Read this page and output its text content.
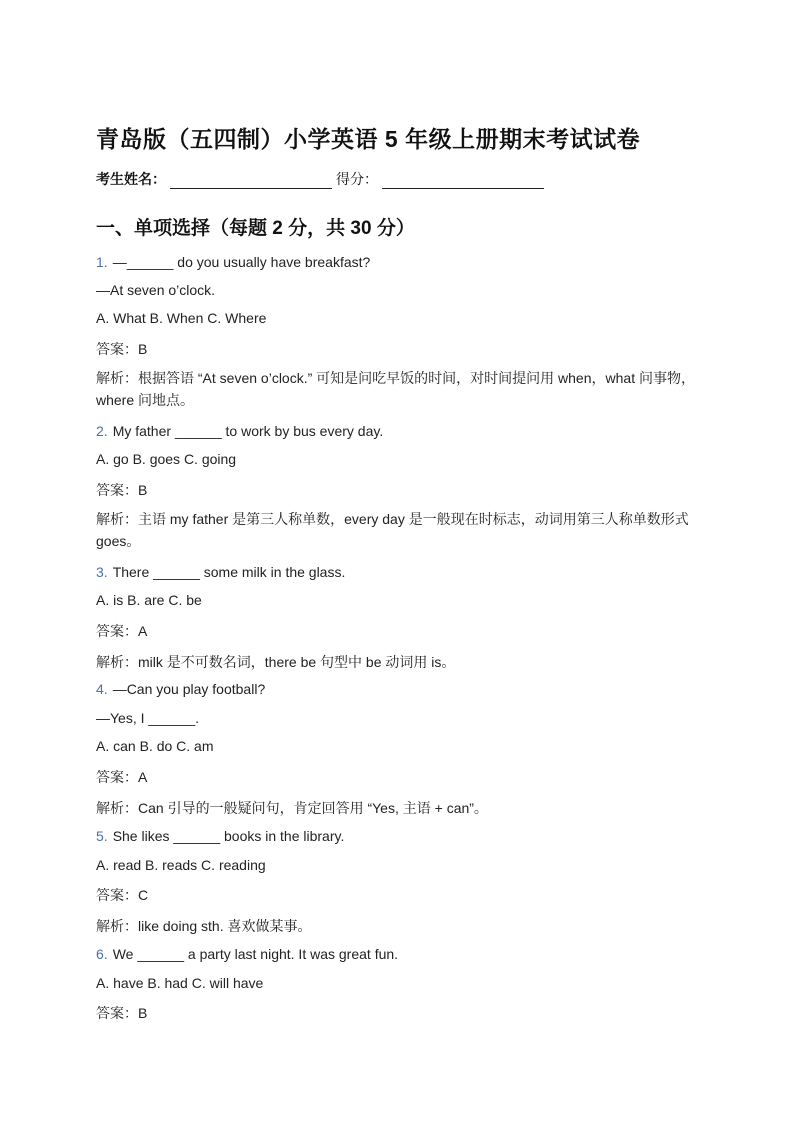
青岛版（五四制）小学英语 5 年级上册期末考试试卷
考生姓名：	得分：
一、单项选择（每题 2 分，共 30 分）
1. —______ do you usually have breakfast?
—At seven o’clock.
A. What B. When C. Where
答案：B
解析：根据答语 “At seven o’clock.” 可知是问吃早饭的时间，对时间提问用 when，what 问事物，where 问地点。
2. My father ______ to work by bus every day.
A. go B. goes C. going
答案：B
解析：主语 my father 是第三人称单数，every day 是一般现在时标志，动词用第三人称单数形式 goes。
3. There ______ some milk in the glass.
A. is B. are C. be
答案：A
解析：milk 是不可数名词，there be 句型中 be 动词用 is。
4. —Can you play football?
—Yes, I ______.
A. can B. do C. am
答案：A
解析：Can 引导的一般疑问句，肯定回答用 “Yes, 主语 + can”。
5. She likes ______ books in the library.
A. read B. reads C. reading
答案：C
解析：like doing sth. 喜欢做某事。
6. We ______ a party last night. It was great fun.
A. have B. had C. will have
答案：B
